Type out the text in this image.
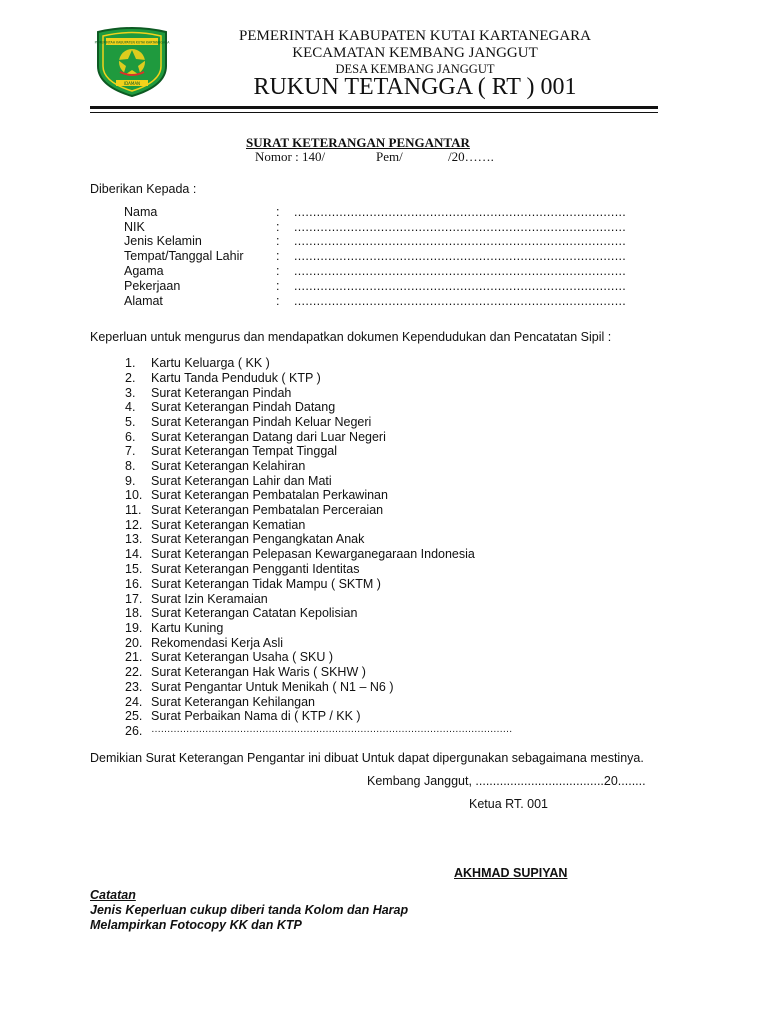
PEMERINTAH KABUPATEN KUTAI KARTANEGARA
IDAMAN
PEMERINTAH KABUPATEN KUTAI KARTANEGARA
KECAMATAN KEMBANG JANGGUT
DESA KEMBANG JANGGUT
RUKUN TETANGGA ( RT ) 001
SURAT KETERANGAN PENGANTAR
Nomor : 140/	Pem/	/20…….
Diberikan Kepada :
Nama	: ........................................................................................
NIK	: ........................................................................................
Jenis Kelamin	: ........................................................................................
Tempat/Tanggal Lahir	: ........................................................................................
Agama	: ........................................................................................
Pekerjaan	: ........................................................................................
Alamat	: ........................................................................................
Keperluan untuk mengurus dan mendapatkan dokumen Kependudukan dan Pencatatan Sipil :
1. Kartu Keluarga ( KK )
2. Kartu Tanda Penduduk ( KTP )
3. Surat Keterangan Pindah
4. Surat Keterangan Pindah Datang
5. Surat Keterangan Pindah Keluar Negeri
6. Surat Keterangan Datang dari Luar Negeri
7. Surat Keterangan Tempat Tinggal
8. Surat Keterangan Kelahiran
9. Surat Keterangan Lahir dan Mati
10. Surat Keterangan Pembatalan Perkawinan
11. Surat Keterangan Pembatalan Perceraian
12. Surat Keterangan Kematian
13. Surat Keterangan Pengangkatan Anak
14. Surat Keterangan Pelepasan Kewarganegaraan Indonesia
15. Surat Keterangan Pengganti Identitas
16. Surat Keterangan Tidak Mampu ( SKTM )
17. Surat Izin Keramaian
18. Surat Keterangan Catatan Kepolisian
19. Kartu Kuning
20. Rekomendasi Kerja Asli
21. Surat Keterangan Usaha ( SKU )
22. Surat Keterangan Hak Waris ( SKHW )
23. Surat Pengantar Untuk Menikah ( N1 – N6 )
24. Surat Keterangan Kehilangan
25. Surat Perbaikan Nama di ( KTP / KK )
26. ……………………………………………………………………………………………………
Demikian Surat Keterangan Pengantar ini dibuat Untuk dapat dipergunakan sebagaimana mestinya.
Kembang Janggut, .....................................20........
Ketua RT. 001
AKHMAD SUPIYAN
Catatan
Jenis Keperluan cukup diberi tanda Kolom dan Harap
Melampirkan Fotocopy KK dan KTP
